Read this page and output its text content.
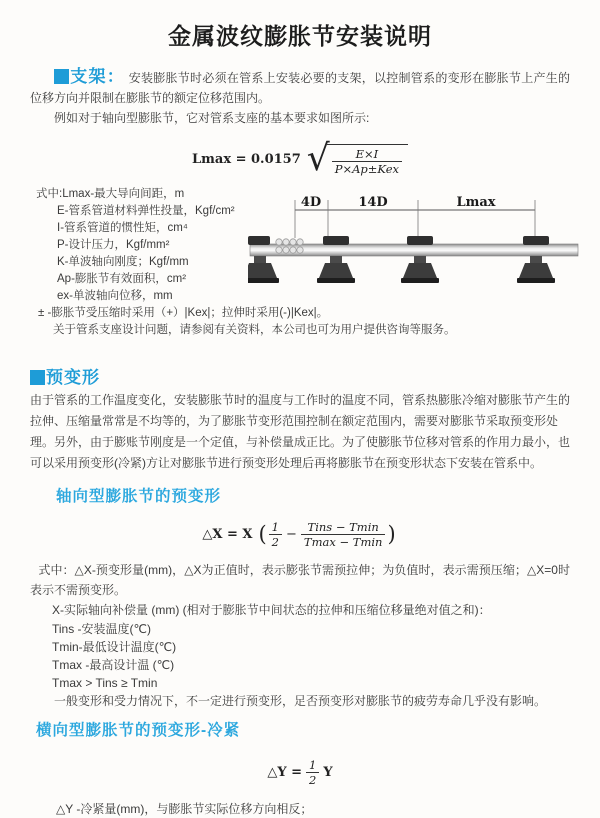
金属波纹膨胀节安装说明

支架： 安装膨胀节时必须在管系上安装必要的支架，以控制管系的变形在膨胀节上产生的位移方向并限制在膨胀节的额定位移范围内。

例如对于轴向型膨胀节，它对管系支座的基本要求如图所示:

Lmax = 0.0157 √ $\frac{E\times I}{\text{P×Ap±Kex}}$
式中:Lmax-最大导向间距，m
E-管系管道材料弹性投量，Kgf/cm²
I-管系管道的惯性矩，cm⁴
P-设计压力，Kgf/mm²
K-单波轴向刚度；Kgf/mm
Ap-膨胀节有效面积，cm²
ex-单波轴向位移，mm

± -膨胀节受压缩时采用（+）|Kex|；拉伸时采用(-)|Kex|。

关于管系支座设计问题，请参阅有关资料，本公司也可为用户提供咨询等服务。

4D	14D	Lmax
预变形

由于管系的工作温度变化，安装膨胀节时的温度与工作时的温度不同，管系热膨胀冷缩对膨胀节产生的拉伸、压缩量常常是不均等的，为了膨胀节变形范围控制在额定范围内，需要对膨胀节采取预变形处理。另外，由于膨账节刚度是一个定值，与补偿量成正比。为了使膨胀节位移对管系的作用力最小，也可以采用预变形(冷紧)方让对膨胀节进行预变形处理后再将膨胀节在预变形状态下安装在管系中。

轴向型膨胀节的预变形
△X = X ( $\frac{1}{2} - \frac{\text{Tins − Tmin}}{Tmax - Tmin}$ )

式中：△X-预变形量(mm)，△X为正值时，表示膨张节需预拉伸；为负值时，表示需预压缩；△X=0时表示不需预变形。

X-实际轴向补偿量 (mm) (相对于膨胀节中间状态的拉伸和压缩位移量绝对值之和)：

Tins -安装温度(℃)
Tmin-最低设计温度(℃)
Tmax -最高设计温 (℃)
Tmax > Tins ≥ Tmin

一般变形和受力情况下，不一定进行预变形，足否预变形对膨胀节的疲劳寿命几乎没有影响。

横向型膨胀节的预变形-冷紧
△Y = $\frac{1}{2}$ Y

△Y -冷紧量(mm)，与膨胀节实际位移方向相反；
